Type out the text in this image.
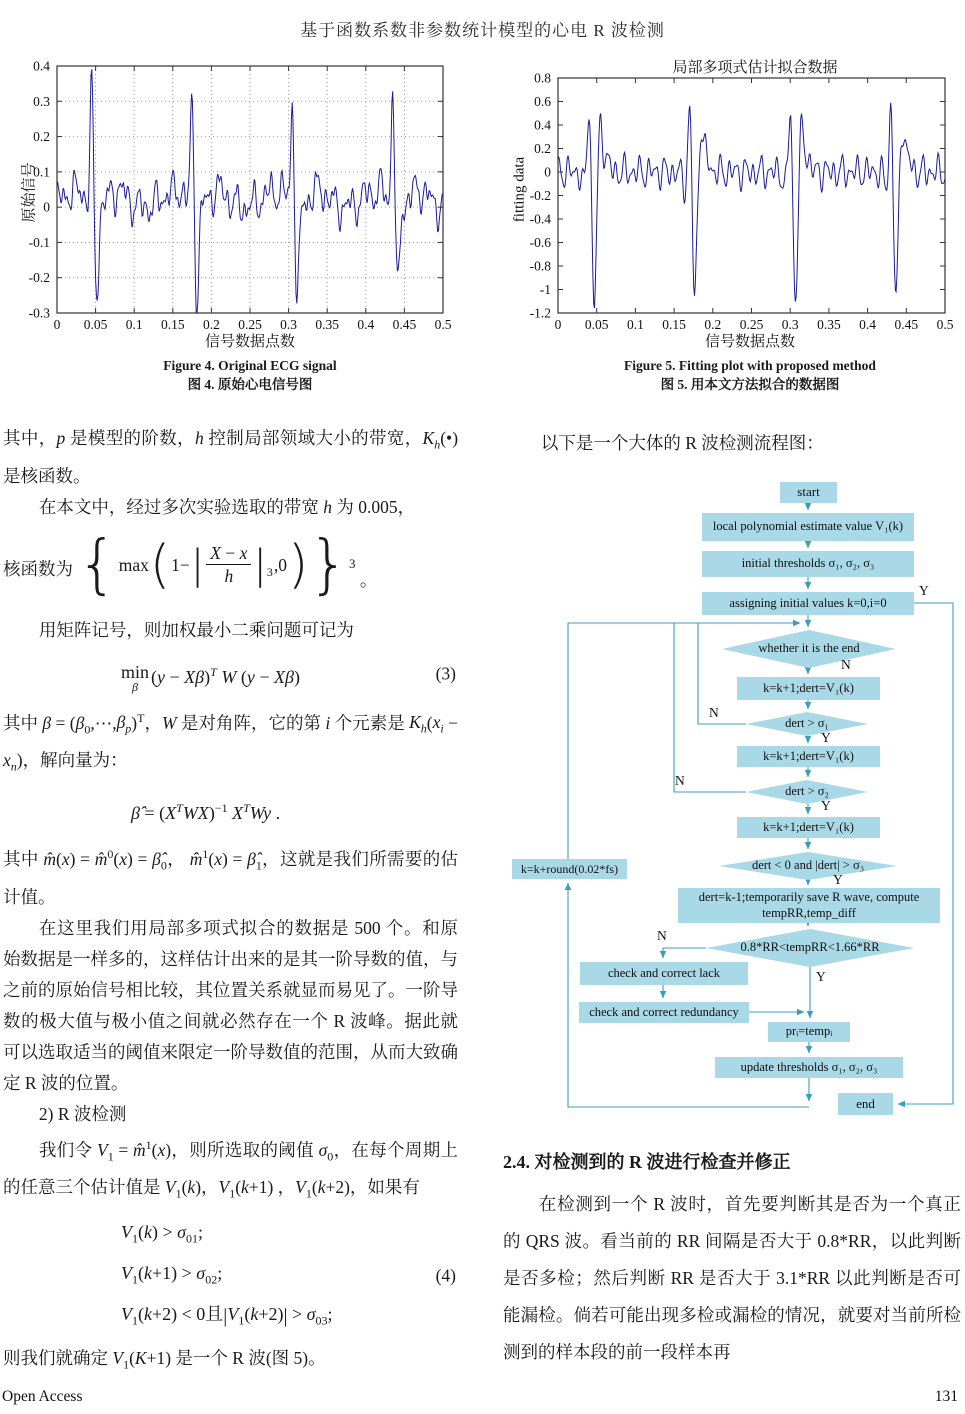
基于函数系数非参数统计模型的心电 R 波检测
0 0.05 0.1 0.15 0.2 0.25 0.3 0.35 0.4 0.45 0.5
-0.3
-0.2
-0.1
0
0.1
0.2
0.3
0.4
原始信号
信号数据点数
Figure 4. Original ECG signal
图 4. 原始心电信号图
局部多项式估计拟合数据
0 0.05 0.1 0.15 0.2 0.25 0.3 0.35 0.4 0.45 0.5
-1.2
-1
-0.8
-0.6
-0.4
-0.2
0
0.2
0.4
0.6
0.8
fitting data
信号数据点数
Figure 5. Fitting plot with proposed method
图 5. 用本文方法拟合的数据图

其中，p 是模型的阶数，h 控制局部领域大小的带宽，$K_h(•)$ 是核函数。

在本文中，经过多次实验选取的带宽 h 为 0.005，

核函数为 { max ( 1− | $\frac{X - x}{h} |_3$ ,0 ) } 3
。

用矩阵记号，则加权最小二乘问题可记为

min
β
$(y - X\beta)^T$ W (y − Xβ)	(3)

其中 $\beta = (\beta_0,\cdots,\beta_p)^T$，W 是对角阵，它的第 i 个元素是 $K_h(x_i - x_n)$，解向量为：

β̂ = $(X^TWX)^{-1}$ $X^TWy$ .

其中 m̂(x) = m̂$^0$(x) = $\betâ_0$， m̂$^1$(x) = $\betâ_1$，这就是我们所需要的估计值。

在这里我们用局部多项式拟合的数据是 500 个。和原始数据是一样多的，这样估计出来的是其一阶导数的值，与之前的原始信号相比较，其位置关系就显而易见了。一阶导数的极大值与极小值之间就必然存在一个 R 波峰。据此就可以选取适当的阈值来限定一阶导数值的范围，从而大致确定 R 波的位置。

2) R 波检测

我们令 $V_1$ = m̂$^1$(x)，则所选取的阈值 $\sigma_0$，在每个周期上的任意三个估计值是 $V_1(k)$，$V_1(k+1)$ ，$V_1(k+2)$，如果有

$V_1(k) > \sigma_{01}$;
$V_1(k+1) > \sigma_{02}$;
$V_1(k+2) < 0$且$|V_1(k+2)| > \sigma_{03}$;
(4)

则我们就确定 $V_1(K+1)$ 是一个 R 波(图 5)。

以下是一个大体的 R 波检测流程图：

start
local polynomial estimate value V₁(k)
initial thresholds σ₁, σ₂, σ₃
assigning initial values k=0,i=0
whether it is the end
k=k+1;dert=V₁(k)
dert > σ₁
k=k+1;dert=V₁(k)
dert > σ₂
k=k+1;dert=V₁(k)
dert < 0 and |dert| > σ₃
dert=k-1;temporarily save R wave, compute tempRR,temp_diff
0.8*RR<tempRR<1.66*RR
check and correct lack
check and correct redundancy
prᵢ=tempᵢ
update thresholds σ₁, σ₂, σ₃
end
k=k+round(0.02*fs)
Y
N
N
Y
N
Y
Y
N
Y
2.4. 对检测到的 R 波进行检查并修正

在检测到一个 R 波时，首先要判断其是否为一个真正的 QRS 波。看当前的 RR 间隔是否大于 0.8*RR，以此判断是否多检；然后判断 RR 是否大于 3.1*RR 以此判断是否可能漏检。倘若可能出现多检或漏检的情况，就要对当前所检测到的样本段的前一段样本再

Open Access	131
